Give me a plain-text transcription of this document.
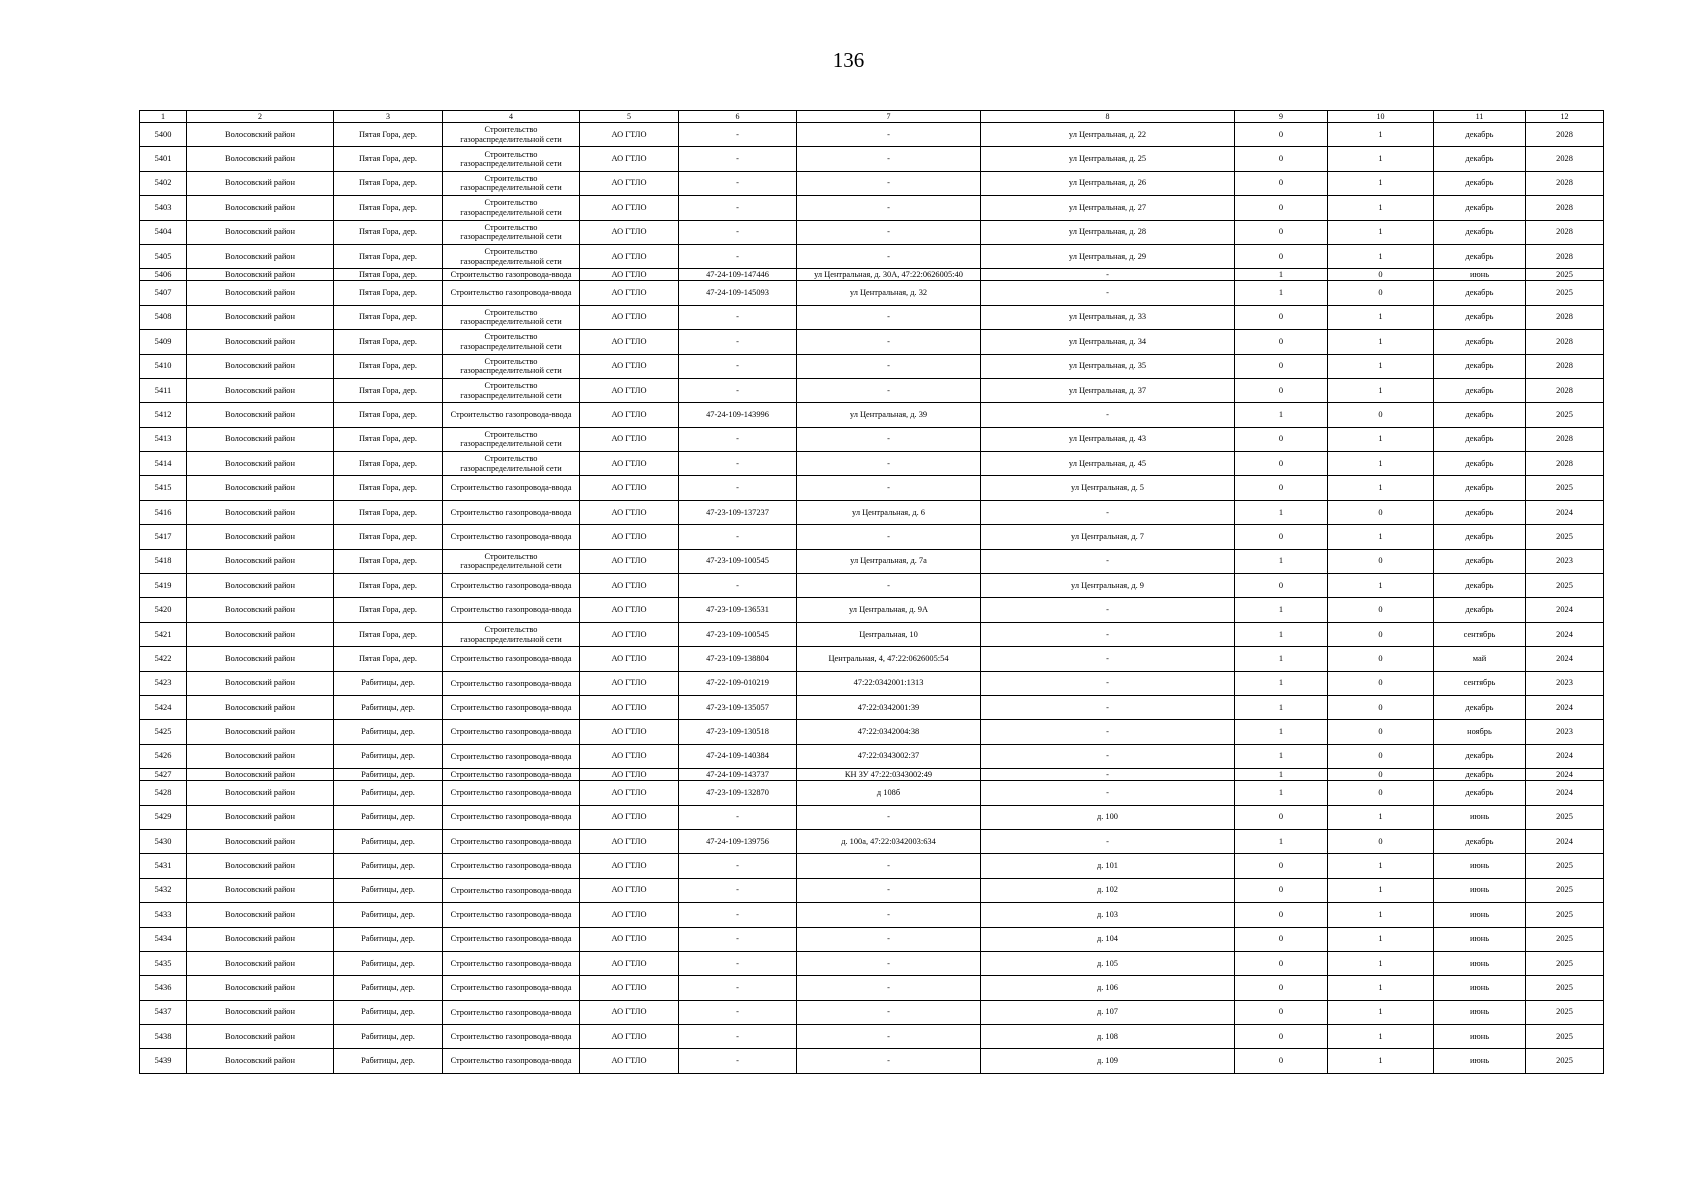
136
1	2	3	4	5	6	7	8	9	10	11	12
5400	Волосовский район	Пятая Гора, дер.	Строительство газораспределительной сети	АО ГТЛО	-	-	ул Центральная, д. 22	0	1	декабрь	2028
5401	Волосовский район	Пятая Гора, дер.	Строительство газораспределительной сети	АО ГТЛО	-	-	ул Центральная, д. 25	0	1	декабрь	2028
5402	Волосовский район	Пятая Гора, дер.	Строительство газораспределительной сети	АО ГТЛО	-	-	ул Центральная, д. 26	0	1	декабрь	2028
5403	Волосовский район	Пятая Гора, дер.	Строительство газораспределительной сети	АО ГТЛО	-	-	ул Центральная, д. 27	0	1	декабрь	2028
5404	Волосовский район	Пятая Гора, дер.	Строительство газораспределительной сети	АО ГТЛО	-	-	ул Центральная, д. 28	0	1	декабрь	2028
5405	Волосовский район	Пятая Гора, дер.	Строительство газораспределительной сети	АО ГТЛО	-	-	ул Центральная, д. 29	0	1	декабрь	2028
5406	Волосовский район	Пятая Гора, дер.	Строительство газопровода-ввода	АО ГТЛО	47-24-109-147446	ул Центральная, д. 30А, 47:22:0626005:40	-	1	0	июнь	2025
5407	Волосовский район	Пятая Гора, дер.	Строительство газопровода-ввода	АО ГТЛО	47-24-109-145093	ул Центральная, д. 32	-	1	0	декабрь	2025
5408	Волосовский район	Пятая Гора, дер.	Строительство газораспределительной сети	АО ГТЛО	-	-	ул Центральная, д. 33	0	1	декабрь	2028
5409	Волосовский район	Пятая Гора, дер.	Строительство газораспределительной сети	АО ГТЛО	-	-	ул Центральная, д. 34	0	1	декабрь	2028
5410	Волосовский район	Пятая Гора, дер.	Строительство газораспределительной сети	АО ГТЛО	-	-	ул Центральная, д. 35	0	1	декабрь	2028
5411	Волосовский район	Пятая Гора, дер.	Строительство газораспределительной сети	АО ГТЛО	-	-	ул Центральная, д. 37	0	1	декабрь	2028
5412	Волосовский район	Пятая Гора, дер.	Строительство газопровода-ввода	АО ГТЛО	47-24-109-143996	ул Центральная, д. 39	-	1	0	декабрь	2025
5413	Волосовский район	Пятая Гора, дер.	Строительство газораспределительной сети	АО ГТЛО	-	-	ул Центральная, д. 43	0	1	декабрь	2028
5414	Волосовский район	Пятая Гора, дер.	Строительство газораспределительной сети	АО ГТЛО	-	-	ул Центральная, д. 45	0	1	декабрь	2028
5415	Волосовский район	Пятая Гора, дер.	Строительство газопровода-ввода	АО ГТЛО	-	-	ул Центральная, д. 5	0	1	декабрь	2025
5416	Волосовский район	Пятая Гора, дер.	Строительство газопровода-ввода	АО ГТЛО	47-23-109-137237	ул Центральная, д. 6	-	1	0	декабрь	2024
5417	Волосовский район	Пятая Гора, дер.	Строительство газопровода-ввода	АО ГТЛО	-	-	ул Центральная, д. 7	0	1	декабрь	2025
5418	Волосовский район	Пятая Гора, дер.	Строительство газораспределительной сети	АО ГТЛО	47-23-109-100545	ул Центральная, д. 7а	-	1	0	декабрь	2023
5419	Волосовский район	Пятая Гора, дер.	Строительство газопровода-ввода	АО ГТЛО	-	-	ул Центральная, д. 9	0	1	декабрь	2025
5420	Волосовский район	Пятая Гора, дер.	Строительство газопровода-ввода	АО ГТЛО	47-23-109-136531	ул Центральная, д. 9А	-	1	0	декабрь	2024
5421	Волосовский район	Пятая Гора, дер.	Строительство газораспределительной сети	АО ГТЛО	47-23-109-100545	Центральная, 10	-	1	0	сентябрь	2024
5422	Волосовский район	Пятая Гора, дер.	Строительство газопровода-ввода	АО ГТЛО	47-23-109-138804	Центральная, 4, 47:22:0626005:54	-	1	0	май	2024
5423	Волосовский район	Рабитицы, дер.	Строительство газопровода-ввода	АО ГТЛО	47-22-109-010219	47:22:0342001:1313	-	1	0	сентябрь	2023
5424	Волосовский район	Рабитицы, дер.	Строительство газопровода-ввода	АО ГТЛО	47-23-109-135057	47:22:0342001:39	-	1	0	декабрь	2024
5425	Волосовский район	Рабитицы, дер.	Строительство газопровода-ввода	АО ГТЛО	47-23-109-130518	47:22:0342004:38	-	1	0	ноябрь	2023
5426	Волосовский район	Рабитицы, дер.	Строительство газопровода-ввода	АО ГТЛО	47-24-109-140384	47:22:0343002:37	-	1	0	декабрь	2024
5427	Волосовский район	Рабитицы, дер.	Строительство газопровода-ввода	АО ГТЛО	47-24-109-143737	КН ЗУ 47:22:0343002:49	-	1	0	декабрь	2024
5428	Волосовский район	Рабитицы, дер.	Строительство газопровода-ввода	АО ГТЛО	47-23-109-132870	д 108б	-	1	0	декабрь	2024
5429	Волосовский район	Рабитицы, дер.	Строительство газопровода-ввода	АО ГТЛО	-	-	д. 100	0	1	июнь	2025
5430	Волосовский район	Рабитицы, дер.	Строительство газопровода-ввода	АО ГТЛО	47-24-109-139756	д. 100а, 47:22:0342003:634	-	1	0	декабрь	2024
5431	Волосовский район	Рабитицы, дер.	Строительство газопровода-ввода	АО ГТЛО	-	-	д. 101	0	1	июнь	2025
5432	Волосовский район	Рабитицы, дер.	Строительство газопровода-ввода	АО ГТЛО	-	-	д. 102	0	1	июнь	2025
5433	Волосовский район	Рабитицы, дер.	Строительство газопровода-ввода	АО ГТЛО	-	-	д. 103	0	1	июнь	2025
5434	Волосовский район	Рабитицы, дер.	Строительство газопровода-ввода	АО ГТЛО	-	-	д. 104	0	1	июнь	2025
5435	Волосовский район	Рабитицы, дер.	Строительство газопровода-ввода	АО ГТЛО	-	-	д. 105	0	1	июнь	2025
5436	Волосовский район	Рабитицы, дер.	Строительство газопровода-ввода	АО ГТЛО	-	-	д. 106	0	1	июнь	2025
5437	Волосовский район	Рабитицы, дер.	Строительство газопровода-ввода	АО ГТЛО	-	-	д. 107	0	1	июнь	2025
5438	Волосовский район	Рабитицы, дер.	Строительство газопровода-ввода	АО ГТЛО	-	-	д. 108	0	1	июнь	2025
5439	Волосовский район	Рабитицы, дер.	Строительство газопровода-ввода	АО ГТЛО	-	-	д. 109	0	1	июнь	2025
